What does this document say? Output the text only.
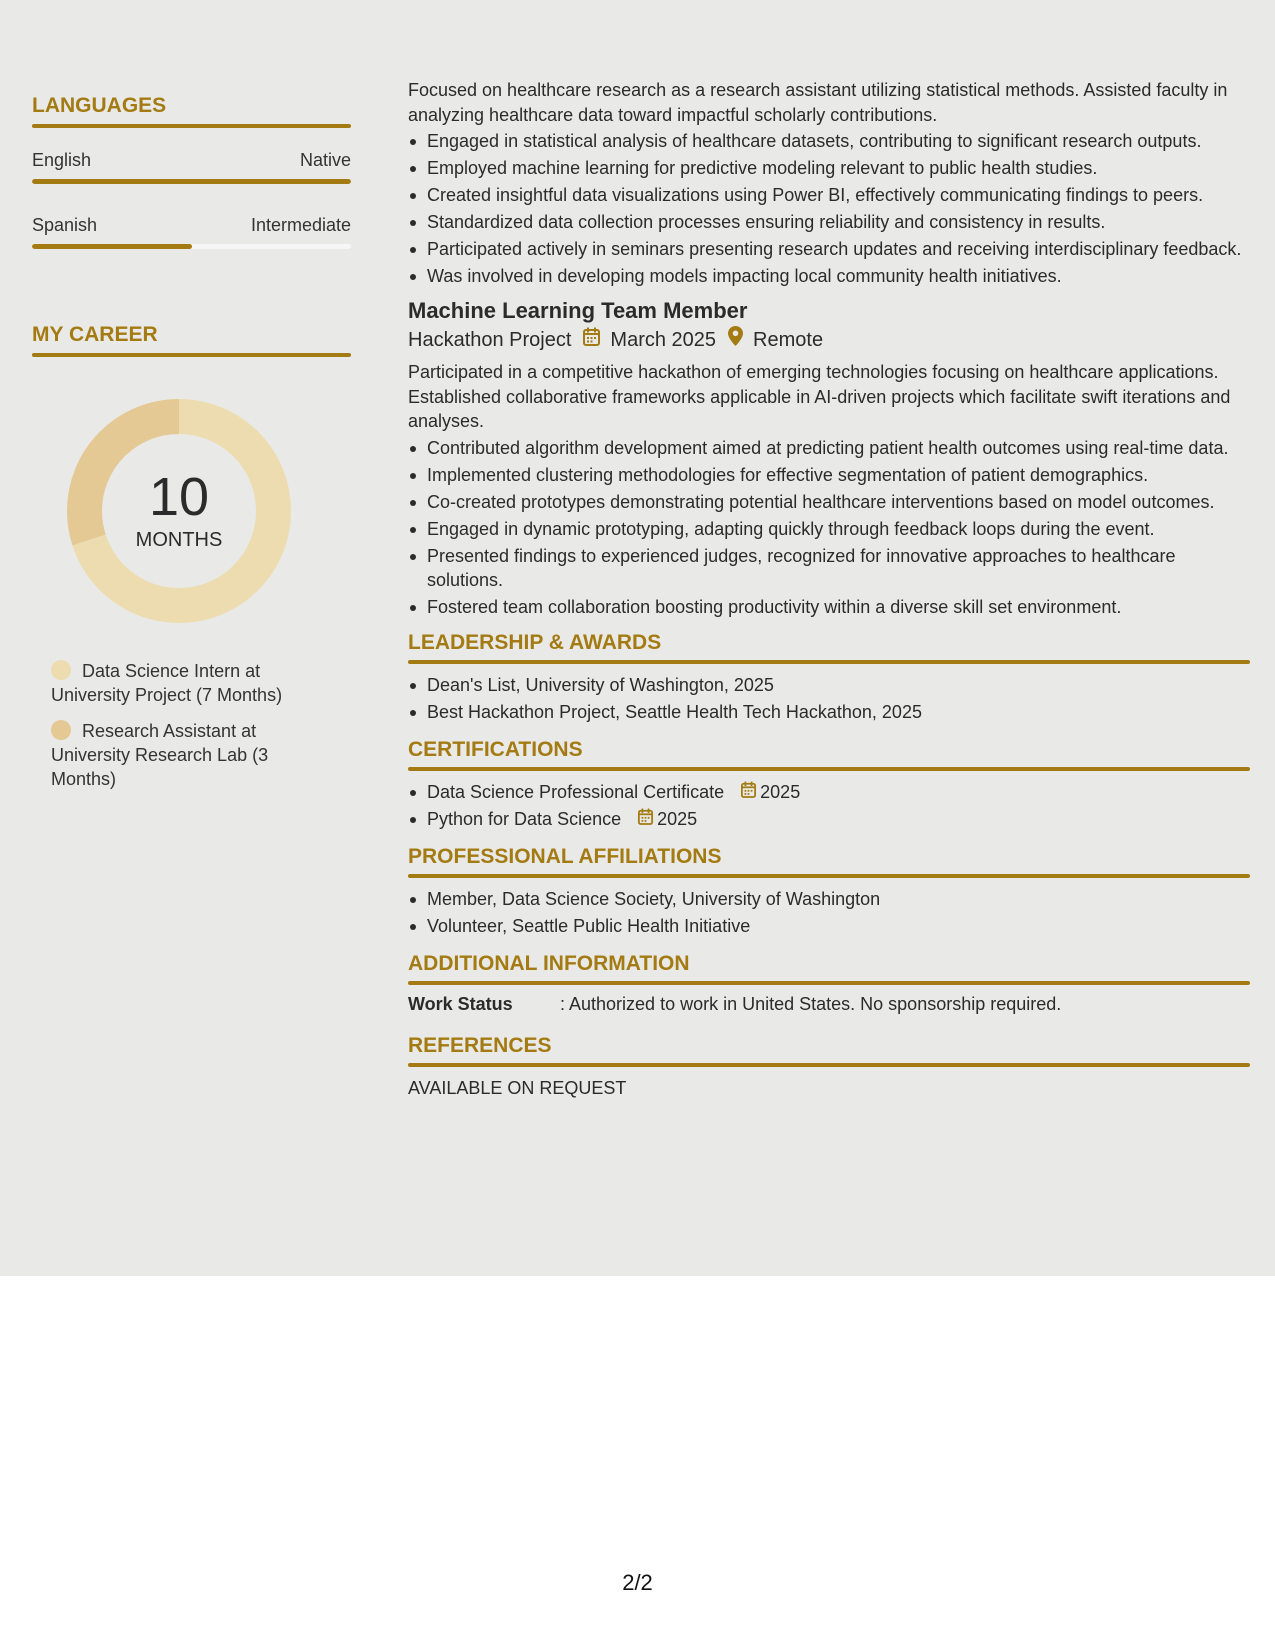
LANGUAGES
English	Native
Spanish	Intermediate
MY CAREER
10
MONTHS
Data Science Intern at University Project (7 Months)
Research Assistant at University Research Lab (3 Months)

Focused on healthcare research as a research assistant utilizing statistical methods. Assisted faculty in analyzing healthcare data toward impactful scholarly contributions.

Engaged in statistical analysis of healthcare datasets, contributing to significant research outputs.
Employed machine learning for predictive modeling relevant to public health studies.
Created insightful data visualizations using Power BI, effectively communicating findings to peers.
Standardized data collection processes ensuring reliability and consistency in results.
Participated actively in seminars presenting research updates and receiving interdisciplinary feedback.
Was involved in developing models impacting local community health initiatives.
Machine Learning Team Member
Hackathon Project March 2025 Remote

Participated in a competitive hackathon of emerging technologies focusing on healthcare applications. Established collaborative frameworks applicable in AI-driven projects which facilitate swift iterations and analyses.

Contributed algorithm development aimed at predicting patient health outcomes using real-time data.
Implemented clustering methodologies for effective segmentation of patient demographics.
Co-created prototypes demonstrating potential healthcare interventions based on model outcomes.
Engaged in dynamic prototyping, adapting quickly through feedback loops during the event.
Presented findings to experienced judges, recognized for innovative approaches to healthcare solutions.
Fostered team collaboration boosting productivity within a diverse skill set environment.
LEADERSHIP & AWARDS
Dean's List, University of Washington, 2025
Best Hackathon Project, Seattle Health Tech Hackathon, 2025
CERTIFICATIONS
Data Science Professional Certificate 2025
Python for Data Science 2025
PROFESSIONAL AFFILIATIONS
Member, Data Science Society, University of Washington
Volunteer, Seattle Public Health Initiative
ADDITIONAL INFORMATION
Work Status	: Authorized to work in United States. No sponsorship required.
REFERENCES
AVAILABLE ON REQUEST
2/2
